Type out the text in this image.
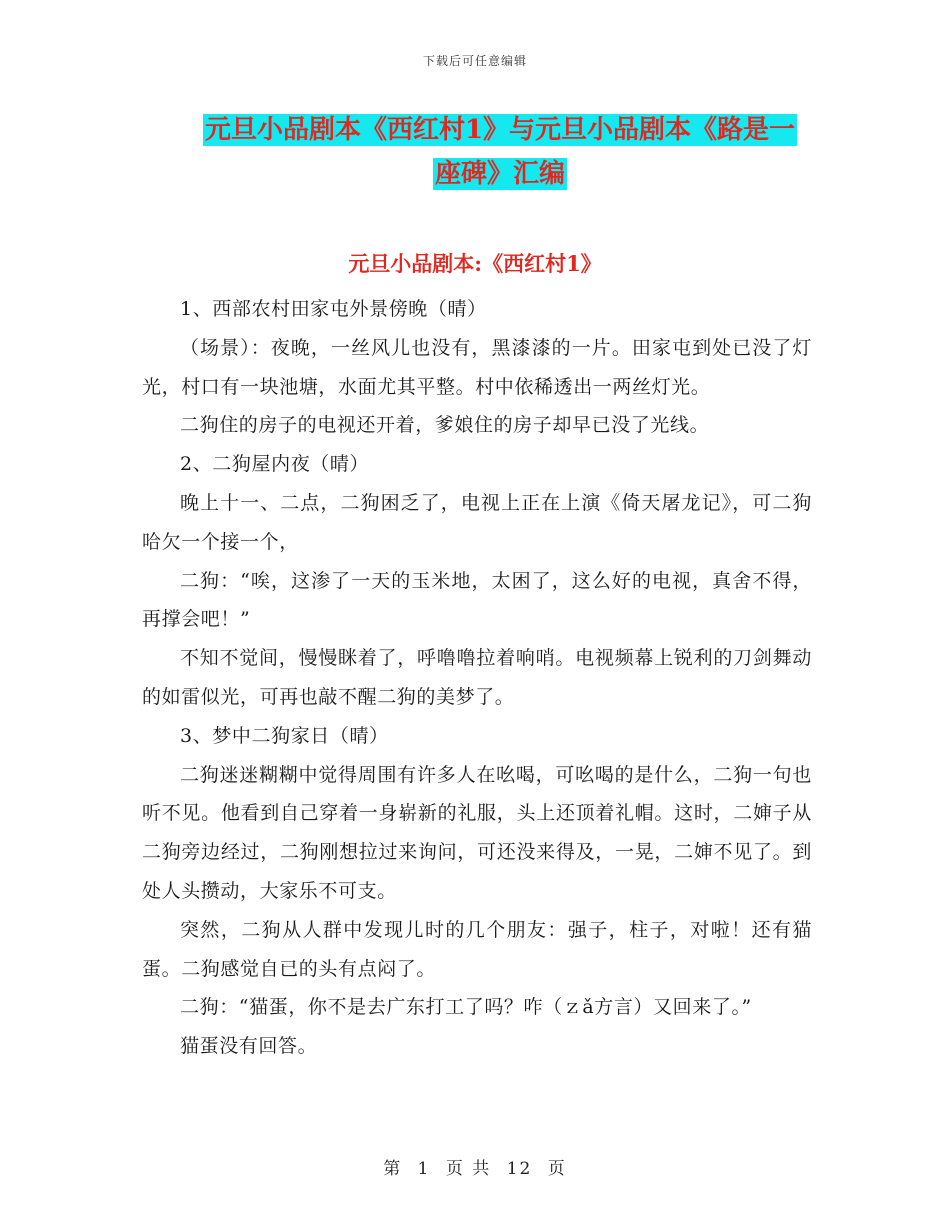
下载后可任意编辑
元旦小品剧本《西红村1》与元旦小品剧本《路是一
座碑》汇编
元旦小品剧本:《西红村1》

1、西部农村田家屯外景傍晚（晴）

（场景）：夜晚，一丝风儿也没有，黑漆漆的一片。田家屯到处已没了灯光，村口有一块池塘，水面尤其平整。村中依稀透出一两丝灯光。

二狗住的房子的电视还开着，爹娘住的房子却早已没了光线。

2、二狗屋内夜（晴）

晚上十一、二点，二狗困乏了，电视上正在上演《倚天屠龙记》，可二狗哈欠一个接一个，

二狗：“唉，这渗了一天的玉米地，太困了，这么好的电视，真舍不得，再撑会吧！”

不知不觉间，慢慢眯着了，呼噜噜拉着响哨。电视频幕上锐利的刀剑舞动的如雷似光，可再也敲不醒二狗的美梦了。

3、梦中二狗家日（晴）

二狗迷迷糊糊中觉得周围有许多人在吆喝，可吆喝的是什么，二狗一句也听不见。他看到自己穿着一身崭新的礼服，头上还顶着礼帽。这时，二婶子从二狗旁边经过，二狗刚想拉过来询问，可还没来得及，一晃，二婶不见了。到处人头攒动，大家乐不可支。

突然，二狗从人群中发现儿时的几个朋友：强子，柱子，对啦！还有猫蛋。二狗感觉自已的头有点闷了。

二狗：“猫蛋，你不是去广东打工了吗？咋（ｚǎ方言）又回来了。”

猫蛋没有回答。

第 1 页 共 12 页
